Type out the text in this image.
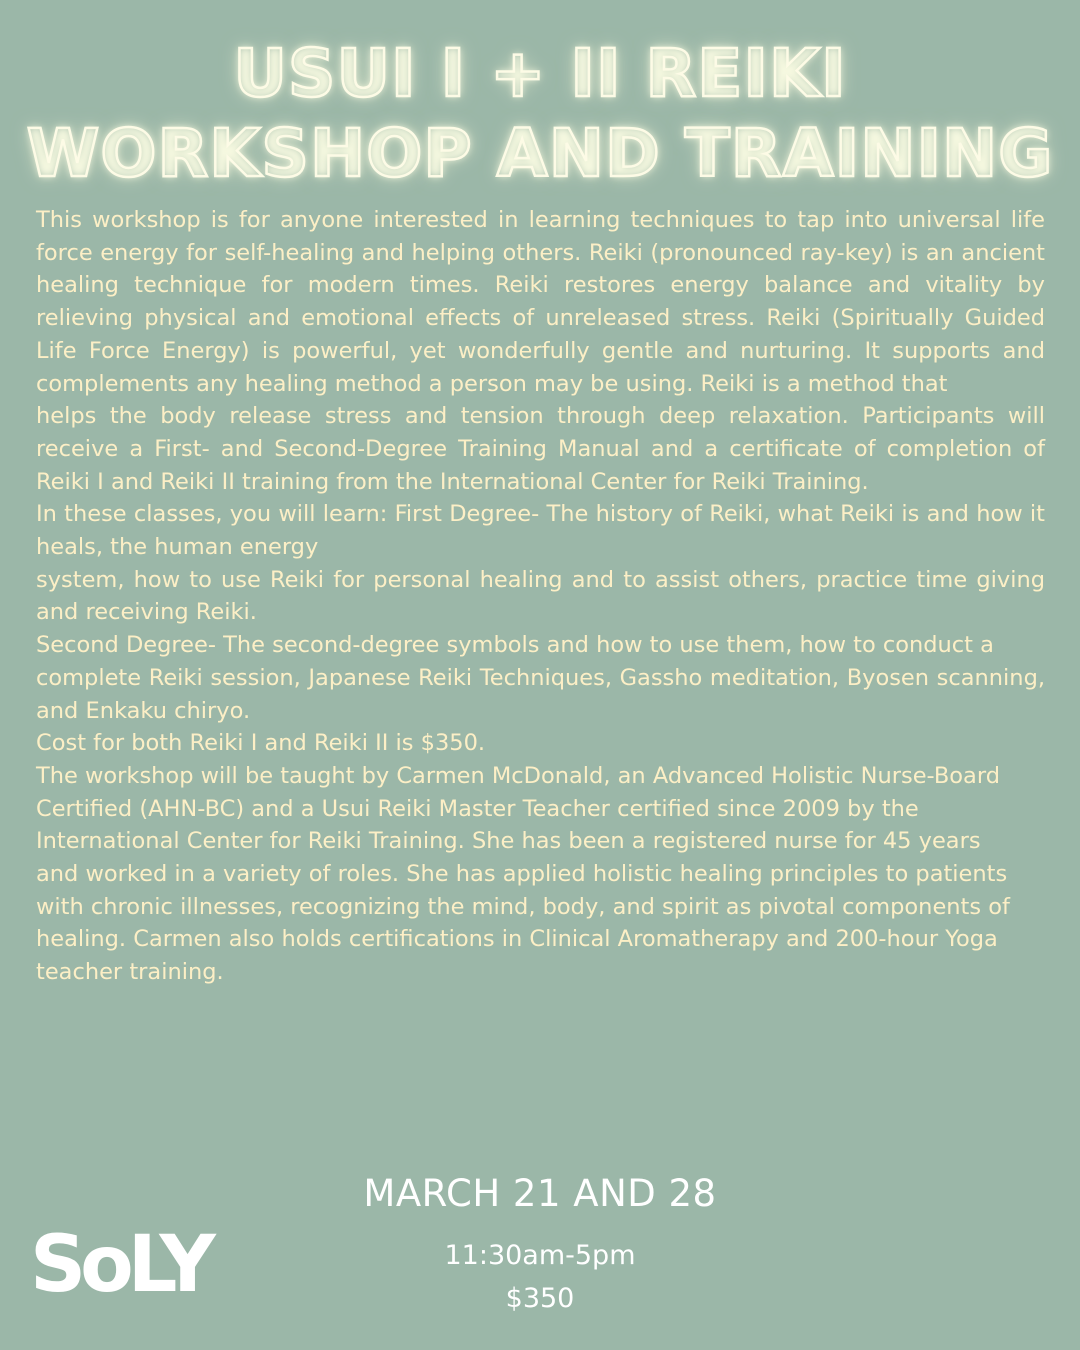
USUI I + II REIKI
WORKSHOP AND TRAINING

This workshop is for anyone interested in learning techniques to tap into universal life force energy for self-healing and helping others. Reiki (pronounced ray-key) is an ancient healing technique for modern times. Reiki restores energy balance and vitality by relieving physical and emotional effects of unreleased stress. Reiki (Spiritually Guided Life Force Energy) is powerful, yet wonderfully gentle and nurturing. It supports and complements any healing method a person may be using. Reiki is a method that

helps the body release stress and tension through deep relaxation. Participants will receive a First- and Second-Degree Training Manual and a certificate of completion of Reiki I and Reiki II training from the International Center for Reiki Training.

In these classes, you will learn: First Degree- The history of Reiki, what Reiki is and how it heals, the human energy

system, how to use Reiki for personal healing and to assist others, practice time giving and receiving Reiki.

Second Degree- The second-degree symbols and how to use them, how to conduct a

complete Reiki session, Japanese Reiki Techniques, Gassho meditation, Byosen scanning, and Enkaku chiryo.

Cost for both Reiki I and Reiki II is $350.

The workshop will be taught by Carmen McDonald, an Advanced Holistic Nurse-Board

Certified (AHN-BC) and a Usui Reiki Master Teacher certified since 2009 by the

International Center for Reiki Training. She has been a registered nurse for 45 years

and worked in a variety of roles. She has applied holistic healing principles to patients

with chronic illnesses, recognizing the mind, body, and spirit as pivotal components of

healing. Carmen also holds certifications in Clinical Aromatherapy and 200-hour Yoga

teacher training.

MARCH 21 AND 28
SoLY	11:30am-5pm
$350
